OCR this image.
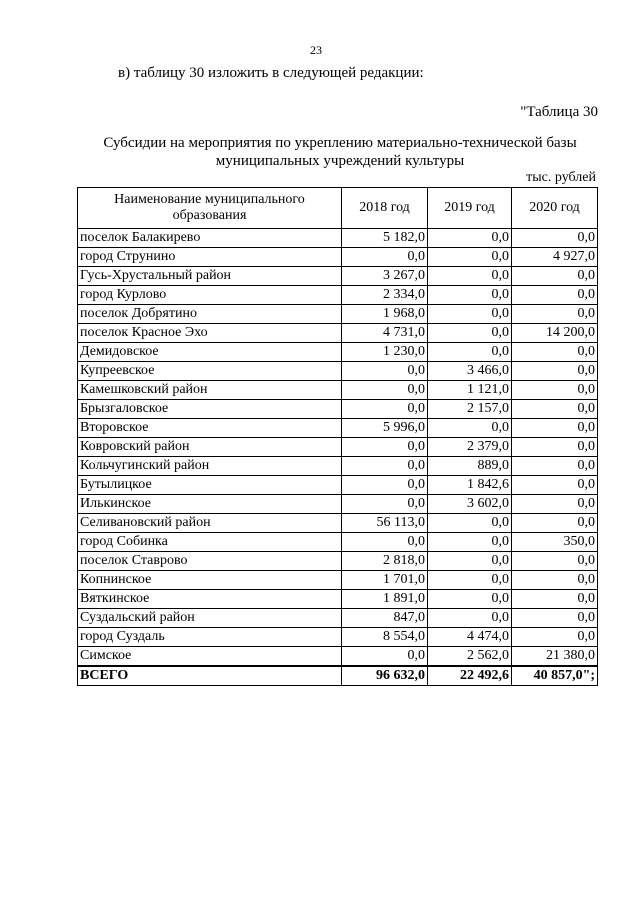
23
в) таблицу 30 изложить в следующей редакции:
"Таблица 30
Субсидии на мероприятия по укреплению материально-технической базы
муниципальных учреждений культуры
тыс. рублей
Наименование муниципального образования	2018 год	2019 год	2020 год
поселок Балакирево	5 182,0	0,0	0,0
город Струнино	0,0	0,0	4 927,0
Гусь-Хрустальный район	3 267,0	0,0	0,0
город Курлово	2 334,0	0,0	0,0
поселок Добрятино	1 968,0	0,0	0,0
поселок Красное Эхо	4 731,0	0,0	14 200,0
Демидовское	1 230,0	0,0	0,0
Купреевское	0,0	3 466,0	0,0
Камешковский район	0,0	1 121,0	0,0
Брызгаловское	0,0	2 157,0	0,0
Второвское	5 996,0	0,0	0,0
Ковровский район	0,0	2 379,0	0,0
Кольчугинский район	0,0	889,0	0,0
Бутылицкое	0,0	1 842,6	0,0
Илькинское	0,0	3 602,0	0,0
Селивановский район	56 113,0	0,0	0,0
город Собинка	0,0	0,0	350,0
поселок Ставрово	2 818,0	0,0	0,0
Копнинское	1 701,0	0,0	0,0
Вяткинское	1 891,0	0,0	0,0
Суздальский район	847,0	0,0	0,0
город Суздаль	8 554,0	4 474,0	0,0
Симское	0,0	2 562,0	21 380,0
ВСЕГО	96 632,0	22 492,6	40 857,0";
